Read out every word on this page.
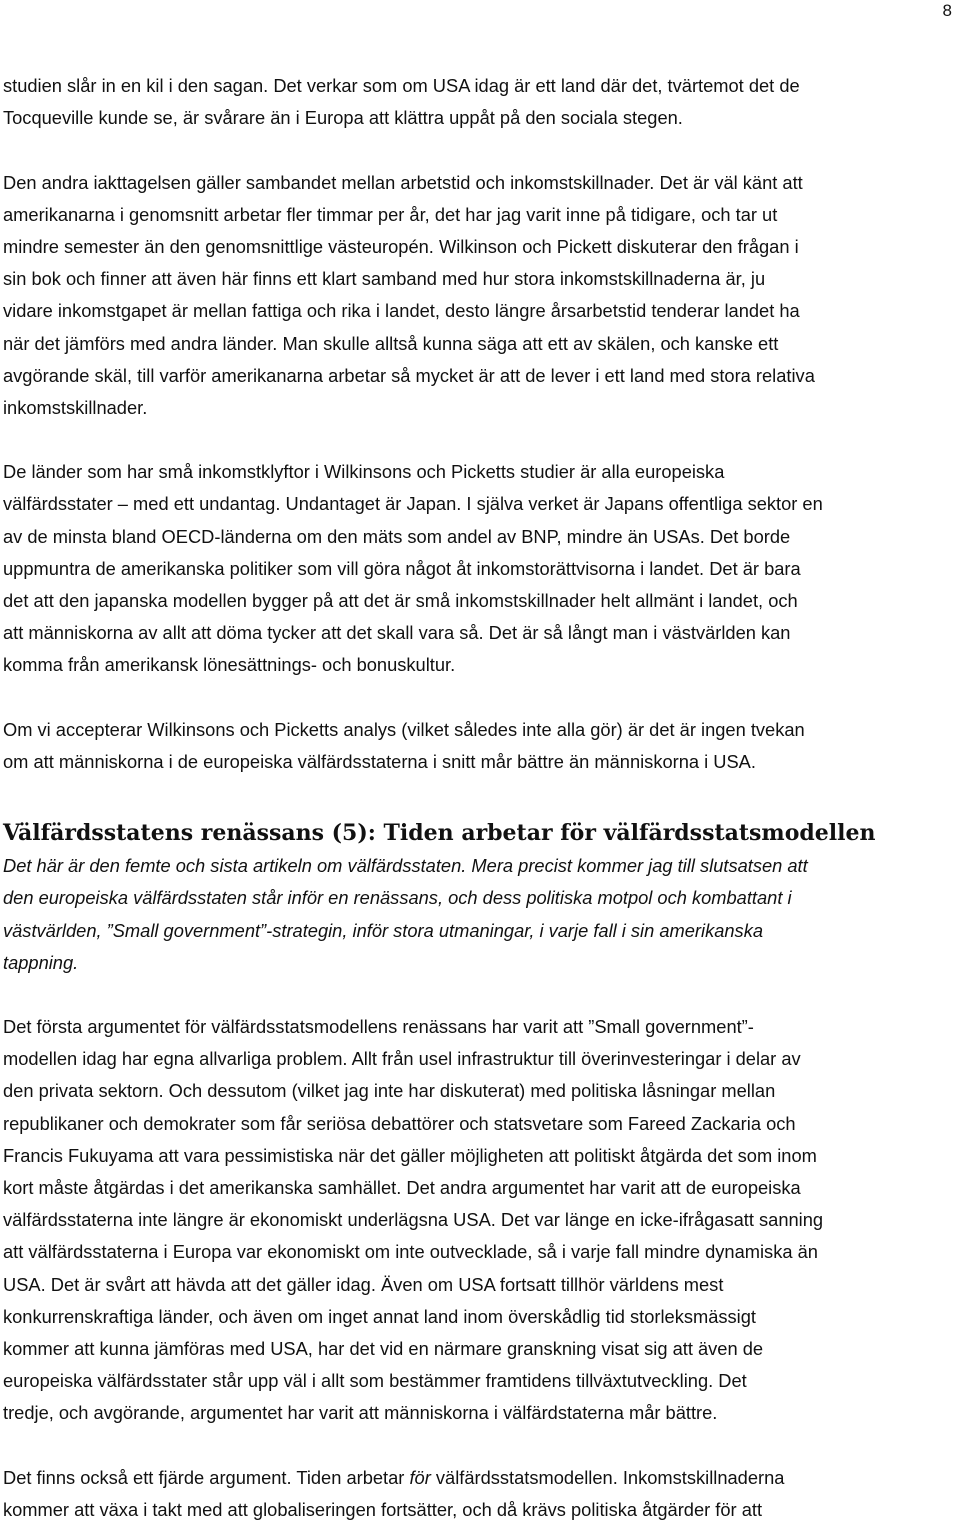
8
studien slår in en kil i den sagan. Det verkar som om USA idag är ett land där det, tvärtemot det de
Tocqueville kunde se, är svårare än i Europa att klättra uppåt på den sociala stegen.
Den andra iakttagelsen gäller sambandet mellan arbetstid och inkomstskillnader. Det är väl känt att
amerikanarna i genomsnitt arbetar fler timmar per år, det har jag varit inne på tidigare, och tar ut
mindre semester än den genomsnittlige västeuropén. Wilkinson och Pickett diskuterar den frågan i
sin bok och finner att även här finns ett klart samband med hur stora inkomstskillnaderna är, ju
vidare inkomstgapet är mellan fattiga och rika i landet, desto längre årsarbetstid tenderar landet ha
när det jämförs med andra länder. Man skulle alltså kunna säga att ett av skälen, och kanske ett
avgörande skäl, till varför amerikanarna arbetar så mycket är att de lever i ett land med stora relativa
inkomstskillnader.
De länder som har små inkomstklyftor i Wilkinsons och Picketts studier är alla europeiska
välfärdsstater – med ett undantag. Undantaget är Japan. I själva verket är Japans offentliga sektor en
av de minsta bland OECD-länderna om den mäts som andel av BNP, mindre än USAs. Det borde
uppmuntra de amerikanska politiker som vill göra något åt inkomstorättvisorna i landet. Det är bara
det att den japanska modellen bygger på att det är små inkomstskillnader helt allmänt i landet, och
att människorna av allt att döma tycker att det skall vara så. Det är så långt man i västvärlden kan
komma från amerikansk lönesättnings- och bonuskultur.
Om vi accepterar Wilkinsons och Picketts analys (vilket således inte alla gör) är det är ingen tvekan
om att människorna i de europeiska välfärdsstaterna i snitt mår bättre än människorna i USA.
Välfärdsstatens renässans (5): Tiden arbetar för välfärdsstatsmodellen
Det här är den femte och sista artikeln om välfärdsstaten. Mera precist kommer jag till slutsatsen att
den europeiska välfärdsstaten står inför en renässans, och dess politiska motpol och kombattant i
västvärlden, ”Small government”-strategin, inför stora utmaningar, i varje fall i sin amerikanska
tappning.
Det första argumentet för välfärdsstatsmodellens renässans har varit att ”Small government”-
modellen idag har egna allvarliga problem. Allt från usel infrastruktur till överinvesteringar i delar av
den privata sektorn. Och dessutom (vilket jag inte har diskuterat) med politiska låsningar mellan
republikaner och demokrater som får seriösa debattörer och statsvetare som Fareed Zackaria och
Francis Fukuyama att vara pessimistiska när det gäller möjligheten att politiskt åtgärda det som inom
kort måste åtgärdas i det amerikanska samhället. Det andra argumentet har varit att de europeiska
välfärdsstaterna inte längre är ekonomiskt underlägsna USA. Det var länge en icke-ifrågasatt sanning
att välfärdsstaterna i Europa var ekonomiskt om inte outvecklade, så i varje fall mindre dynamiska än
USA. Det är svårt att hävda att det gäller idag. Även om USA fortsatt tillhör världens mest
konkurrenskraftiga länder, och även om inget annat land inom överskådlig tid storleksmässigt
kommer att kunna jämföras med USA, har det vid en närmare granskning visat sig att även de
europeiska välfärdsstater står upp väl i allt som bestämmer framtidens tillväxtutveckling. Det
tredje, och avgörande, argumentet har varit att människorna i välfärdstaterna mår bättre.
Det finns också ett fjärde argument. Tiden arbetar för välfärdsstatsmodellen. Inkomstskillnaderna
kommer att växa i takt med att globaliseringen fortsätter, och då krävs politiska åtgärder för att
